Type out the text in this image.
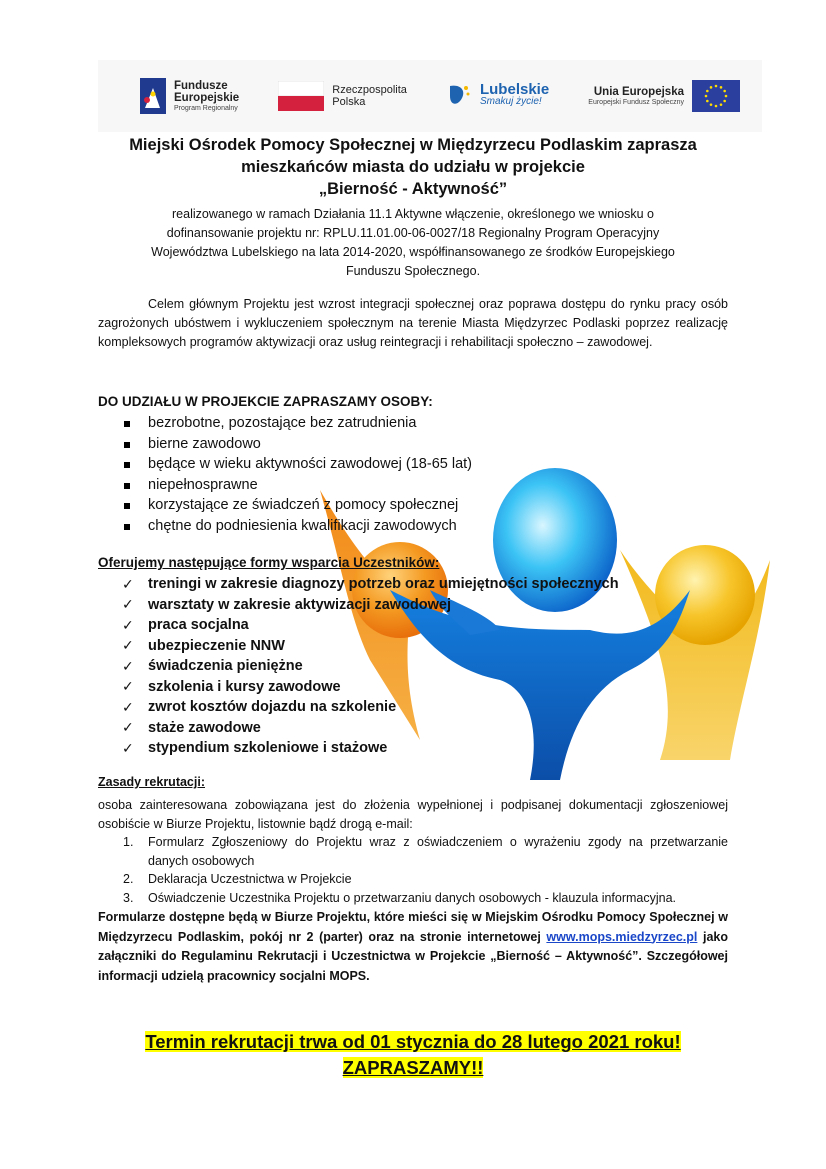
Fundusze
Europejskie
Program Regionalny
Rzeczpospolita
Polska
Lubelskie
Smakuj życie!
Unia Europejska
Europejski Fundusz Społeczny
Miejski Ośrodek Pomocy Społecznej w Międzyrzecu Podlaskim zaprasza
mieszkańców miasta do udziału w projekcie
„Bierność - Aktywność”
realizowanego w ramach Działania 11.1 Aktywne włączenie, określonego we wniosku o
dofinansowanie projektu nr: RPLU.11.01.00-06-0027/18 Regionalny Program Operacyjny
Województwa Lubelskiego na lata 2014-2020, współfinansowanego ze środków Europejskiego
Funduszu Społecznego.
Celem głównym Projektu jest wzrost integracji społecznej oraz poprawa dostępu do rynku pracy osób zagrożonych ubóstwem i wykluczeniem społecznym na terenie Miasta Międzyrzec Podlaski poprzez realizację kompleksowych programów aktywizacji oraz usług reintegracji i rehabilitacji społeczno – zawodowej.
DO UDZIAŁU W PROJEKCIE ZAPRASZAMY OSOBY:
bezrobotne, pozostające bez zatrudnienia
bierne zawodowo
będące w wieku aktywności zawodowej (18-65 lat)
niepełnosprawne
korzystające ze świadczeń z pomocy społecznej
chętne do podniesienia kwalifikacji zawodowych
Oferujemy następujące formy wsparcia Uczestników:
✓ treningi w zakresie diagnozy potrzeb oraz umiejętności społecznych
✓ warsztaty w zakresie aktywizacji zawodowej
✓ praca socjalna
✓ ubezpieczenie NNW
✓ świadczenia pieniężne
✓ szkolenia i kursy zawodowe
✓ zwrot kosztów dojazdu na szkolenie
✓ staże zawodowe
✓ stypendium szkoleniowe i stażowe
Zasady rekrutacji:
osoba zainteresowana zobowiązana jest do złożenia wypełnionej i podpisanej dokumentacji zgłoszeniowej osobiście w Biurze Projektu, listownie bądź drogą e-mail:
1.	Formularz Zgłoszeniowy do Projektu wraz z oświadczeniem o wyrażeniu zgody na przetwarzanie danych osobowych
2.	Deklaracja Uczestnictwa w Projekcie
3.	Oświadczenie Uczestnika Projektu o przetwarzaniu danych osobowych - klauzula informacyjna.
Formularze dostępne będą w Biurze Projektu, które mieści się w Miejskim Ośrodku Pomocy Społecznej w Międzyrzecu Podlaskim, pokój nr 2 (parter) oraz na stronie internetowej www.mops.miedzyrzec.pl jako załączniki do Regulaminu Rekrutacji i Uczestnictwa w Projekcie „Bierność – Aktywność”. Szczegółowej informacji udzielą pracownicy socjalni MOPS.
Termin rekrutacji trwa od 01 stycznia do 28 lutego 2021 roku!
ZAPRASZAMY!!
